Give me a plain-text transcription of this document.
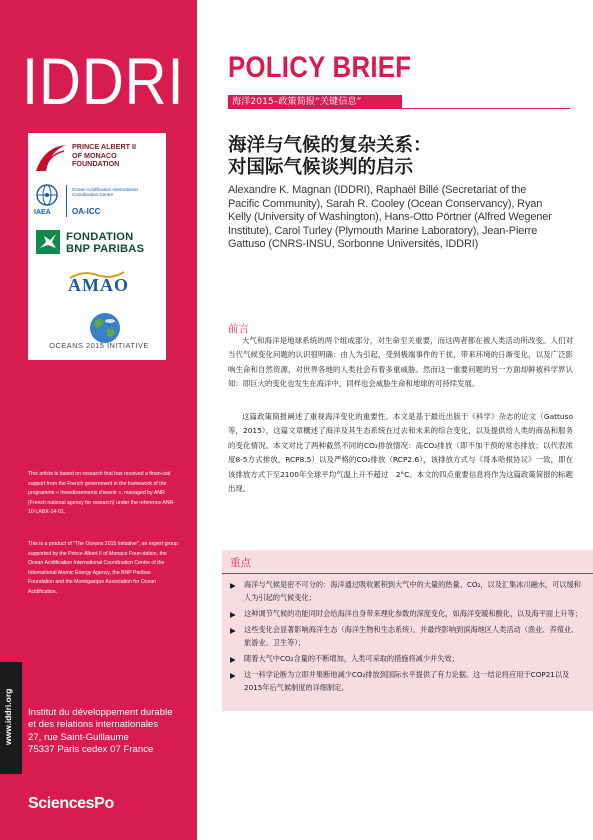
IDDRI
PRINCE ALBERT II
OF MONACO
FOUNDATION
IAEA
Ocean Acidification International Coordination Centre
OA-ICC
FONDATION
BNP PARIBAS
AMAO
OCEANS 2015 INITIATIVE
This article is based on research that has received a finan-cial support from the French government in the framework of the programme « Investissements d'avenir », managed by ANR (French national agency for research) under the reference ANR-10-LABX-14-01.
This is a product of "The Oceans 2015 Initiative", an expert group supported by the Prince Albert II of Monaco Foun-dation, the Ocean Acidification International Coordination Centre of the International Atomic Energy Agency, the BNP Paribas Foundation and the Monégasque Association for Ocean Acidification.
www.iddri.org Institut du développement durable
et des relations internationales
27, rue Saint-Guillaume
75337 Paris cedex 07 France
SciencesPo
POLICY BRIEF
海洋2015–政策简报“关键信息”
海洋与气候的复杂关系：
对国际气候谈判的启示
Alexandre K. Magnan (IDDRI), Raphaël Billé (Secretariat of the Pacific Community), Sarah R. Cooley (Ocean Conservancy), Ryan Kelly (University of Washington), Hans-Otto Pörtner (Alfred Wegener Institute), Carol Turley (Plymouth Marine Laboratory), Jean-Pierre Gattuso (CNRS-INSU, Sorbonne Universités, IDDRI)
前言

大气和海洋是地球系统的两个组成部分，对生命至关重要，而这两者都在被人类活动所改变。人们对当代气候变化问题的认识很明确：由人为引起，受到极端事件的干扰，带来环境的日渐变化，以及广泛影响生命和自然资源，对世界各地的人类社会有着多重威胁。然而这一重要问题的另一方面却鲜被科学界认知：即巨大的变化也发生在海洋中，同样也会威胁生命和地球的可持续发展。

这篇政策简报阐述了重视海洋变化的重要性。本文是基于最近出版于《科学》杂志的论文（Gattuso等，2015），这篇文章概述了海洋及其生态系统在过去和未来的综合变化，以及提供给人类的商品和服务的变化情况。本文对比了两种截然不同的CO₂排放情况：高CO₂排放（即不加干预的常态排放；以代表浓度8-5方式排放，RCP8.5）以及严格的CO₂排放（RCP2.6），该排放方式与《哥本哈根协议》一致，即在该排放方式下至2100年全球平均气温上升不超过　2°C。本文的四点重要信息将作为这篇政策简报的标题出现。

重点
▶ 海洋与气候是密不可分的：海洋通过吸收累积到大气中的大量的热量、CO₂，以及汇集冰川融水，可以缓和人为引起的气候变化；
▶ 这种调节气候的功能同时会给海洋自身带来理化参数的深度变化，如海洋变暖和酸化，以及海平面上升等；
▶ 这些变化会显著影响海洋生态（海洋生物和生态系统），并最终影响到滨海地区人类活动（渔业、养殖业、旅游业、卫生等）；
▶ 随着大气中CO₂含量的不断增加，人类可采取的措施将减少并失效；
▶ 这一科学论断为立即并果断地减少CO₂排放到国际水平提供了有力论据。这一结论将应用于COP21以及2015年后气候制度的详细制定。
